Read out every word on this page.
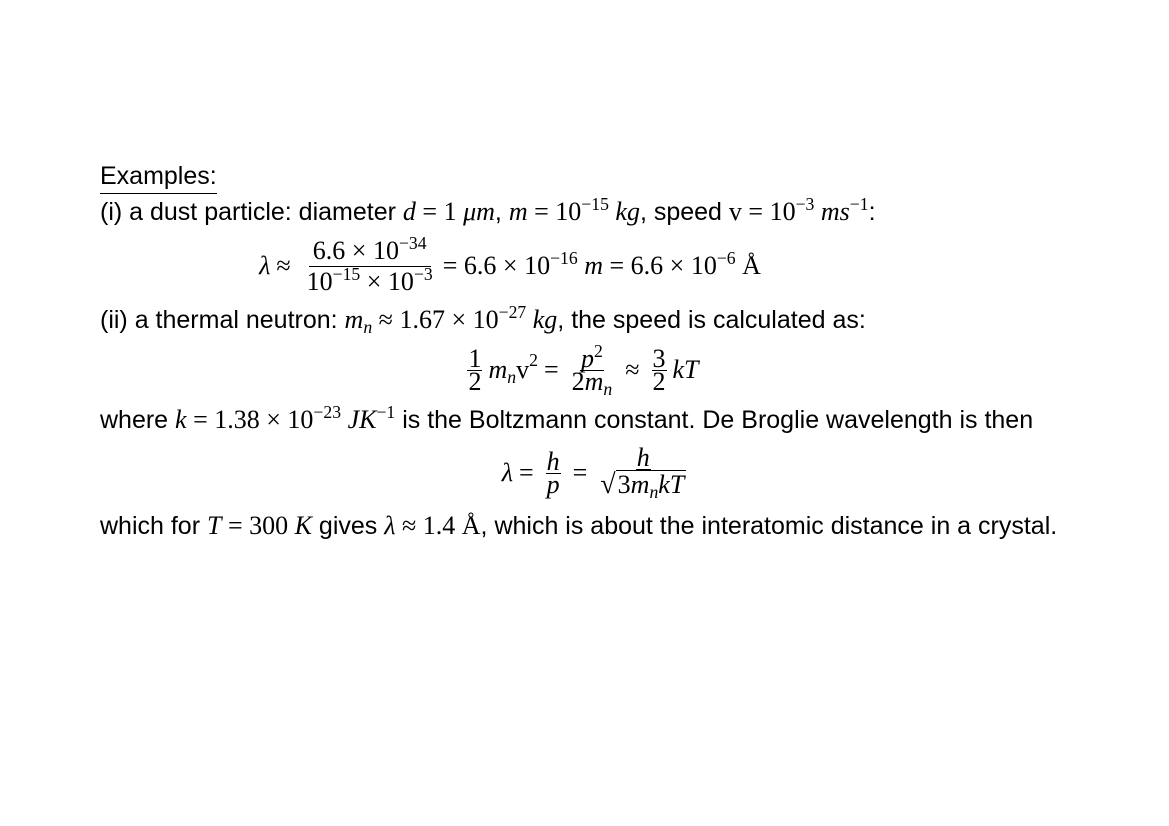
Examples:
(i) a dust particle: diameter d = 1 μm, $m = 10^{-15}$ kg, speed $v = 10^{-3}$ $ms^{-1}$:
$\lambda \approx \frac{6.6 \times 10^{-34}}{10^{-15} \times 10^{-3}} = 6.6 \times 10^{-16}$ $m = 6.6 \times 10^{-6}$ Å
(ii) a thermal neutron: $m_n \approx 1.67 \times 10^{-27}$ kg, the speed is calculated as:
$\frac{1}{2} m_n$ $v^2 = \frac{p^2}{2m_n} \approx \frac{3}{2}$ kT
where $k = 1.38 \times 10^{-23}$ $JK^{-1}$ is the Boltzmann constant. De Broglie wavelength is then
$\lambda = \frac{h}{p} = \frac{h}{√ 3m_nkT}$
which for T = 300 K gives λ ≈ 1.4 Å, which is about the interatomic distance in a crystal.
